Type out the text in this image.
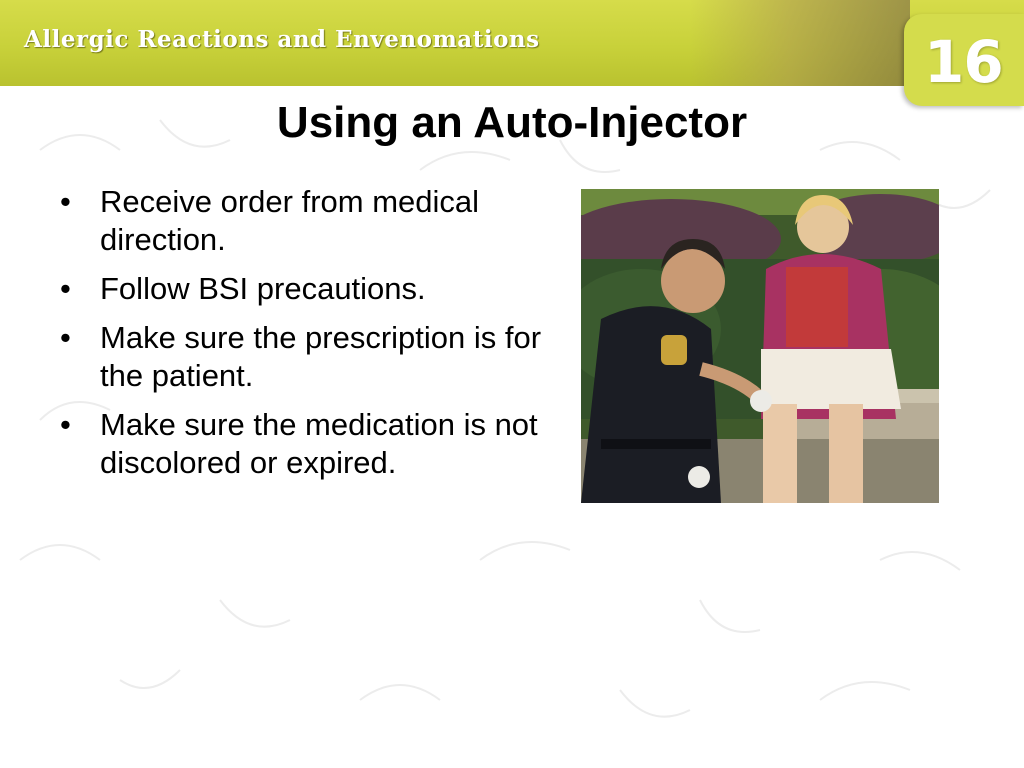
Allergic Reactions and Envenomations	16
Using an Auto-Injector
• Receive order from medical direction.
• Follow BSI precautions.
• Make sure the prescription is for the patient.
• Make sure the medication is not discolored or expired.
